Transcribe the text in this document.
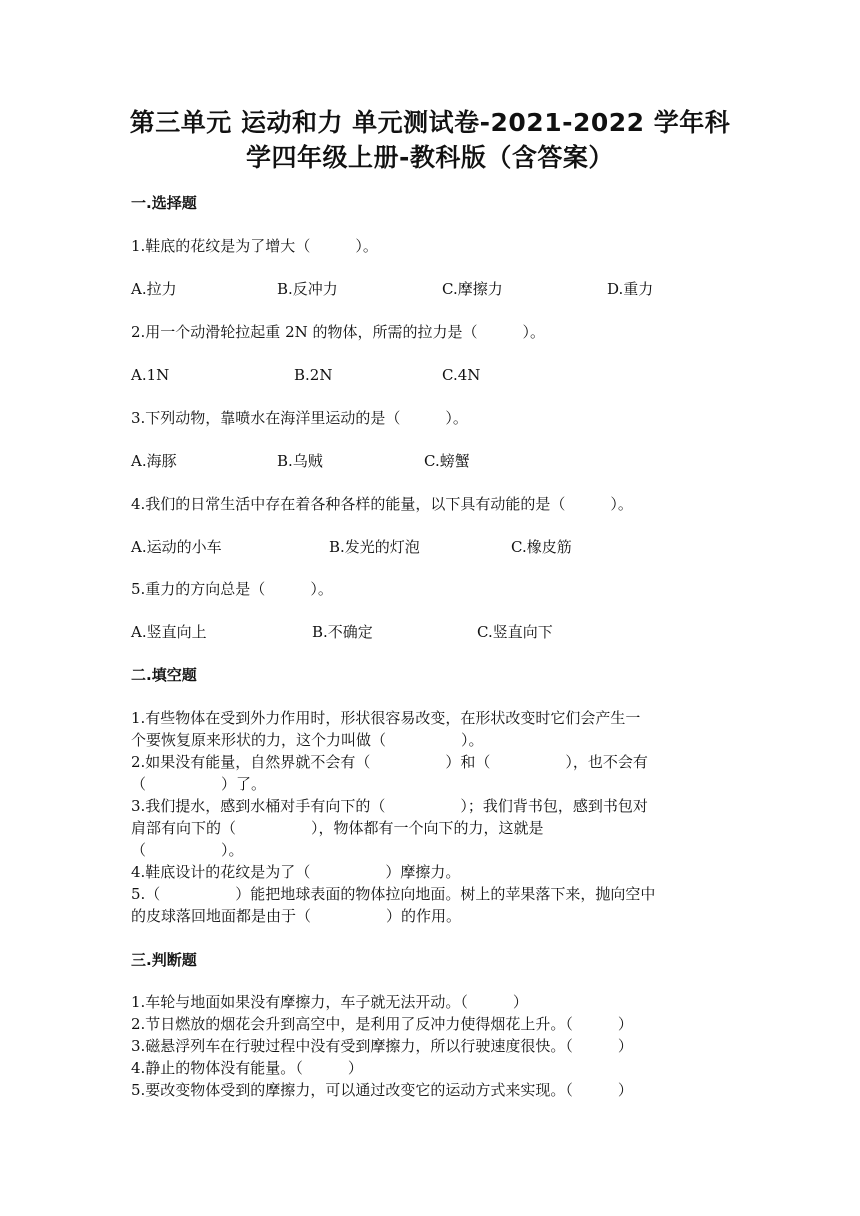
第三单元 运动和力 单元测试卷-2021-2022 学年科
学四年级上册-教科版（含答案）
一.选择题
1.鞋底的花纹是为了增大（　　　）。
A.拉力	B.反冲力	C.摩擦力	D.重力
2.用一个动滑轮拉起重 2N 的物体，所需的拉力是（　　　）。
A.1N	B.2N	C.4N
3.下列动物，靠喷水在海洋里运动的是（　　　）。
A.海豚	B.乌贼	C.螃蟹
4.我们的日常生活中存在着各种各样的能量，以下具有动能的是（　　　）。
A.运动的小车	B.发光的灯泡	C.橡皮筋
5.重力的方向总是（　　　）。
A.竖直向上	B.不确定	C.竖直向下
二.填空题
1.有些物体在受到外力作用时，形状很容易改变，在形状改变时它们会产生一
个要恢复原来形状的力，这个力叫做（　　　　　）。
2.如果没有能量，自然界就不会有（　　　　　）和（　　　　　），也不会有
（　　　　　）了。
3.我们提水，感到水桶对手有向下的（　　　　　）；我们背书包，感到书包对
肩部有向下的（　　　　　），物体都有一个向下的力，这就是
（　　　　　）。
4.鞋底设计的花纹是为了（　　　　　）摩擦力。
5.（　　　　　）能把地球表面的物体拉向地面。树上的苹果落下来，抛向空中
的皮球落回地面都是由于（　　　　　）的作用。
三.判断题
1.车轮与地面如果没有摩擦力，车子就无法开动。（　　　）
2.节日燃放的烟花会升到高空中，是利用了反冲力使得烟花上升。（　　　）
3.磁悬浮列车在行驶过程中没有受到摩擦力，所以行驶速度很快。（　　　）
4.静止的物体没有能量。（　　　）
5.要改变物体受到的摩擦力，可以通过改变它的运动方式来实现。（　　　）
